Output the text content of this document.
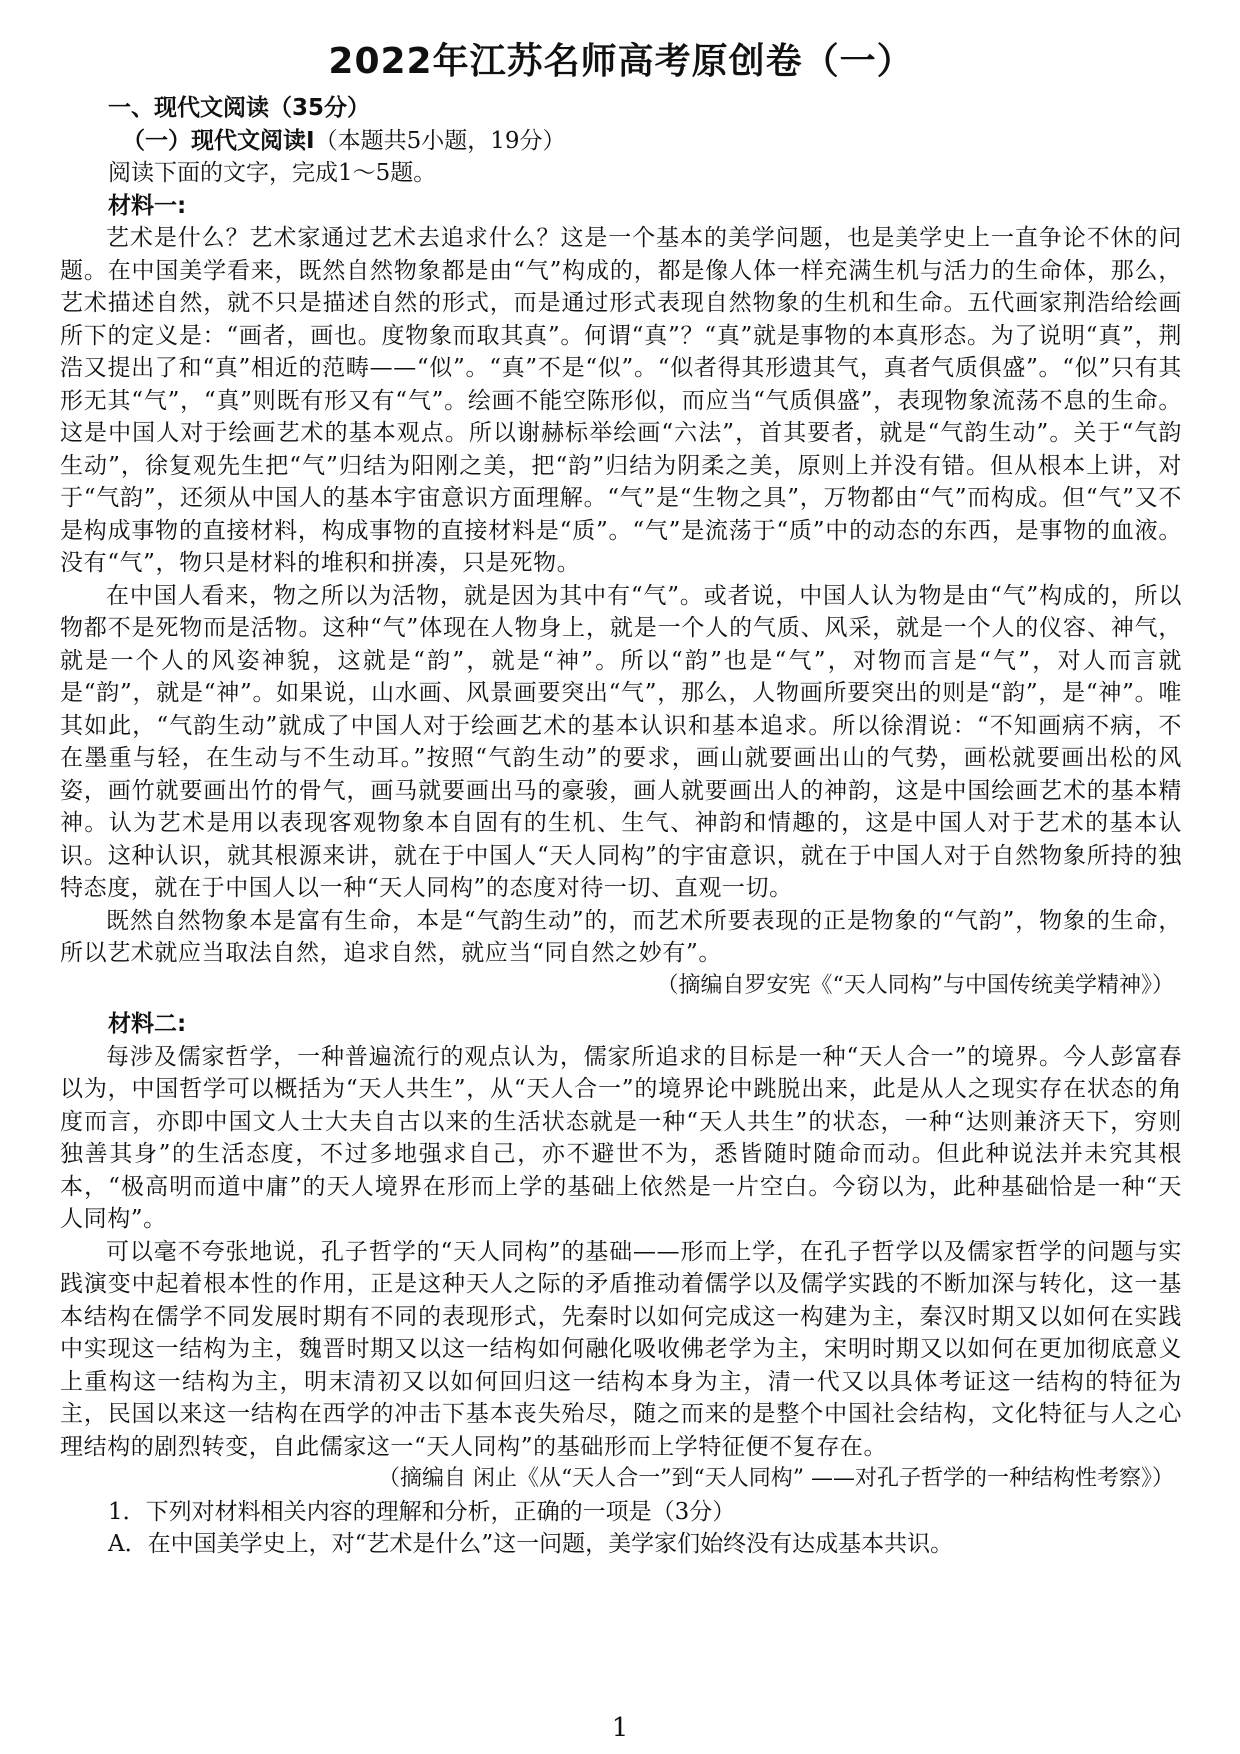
2022年江苏名师高考原创卷（一）
一、现代文阅读（35分）
（一）现代文阅读Ⅰ（本题共5小题，19分）
阅读下面的文字，完成1～5题。
材料一:

艺术是什么？艺术家通过艺术去追求什么？这是一个基本的美学问题，也是美学史上一直争论不休的问题。在中国美学看来，既然自然物象都是由“气”构成的，都是像人体一样充满生机与活力的生命体，那么，艺术描述自然，就不只是描述自然的形式，而是通过形式表现自然物象的生机和生命。五代画家荆浩给绘画所下的定义是：“画者，画也。度物象而取其真”。何谓“真”？“真”就是事物的本真形态。为了说明“真”，荆浩又提出了和“真”相近的范畴——“似”。“真”不是“似”。“似者得其形遗其气，真者气质俱盛”。“似”只有其形无其“气”，“真”则既有形又有“气”。绘画不能空陈形似，而应当“气质俱盛”，表现物象流荡不息的生命。这是中国人对于绘画艺术的基本观点。所以谢赫标举绘画“六法”，首其要者，就是“气韵生动”。关于“气韵生动”，徐复观先生把“气”归结为阳刚之美，把“韵”归结为阴柔之美，原则上并没有错。但从根本上讲，对于“气韵”，还须从中国人的基本宇宙意识方面理解。“气”是“生物之具”，万物都由“气”而构成。但“气”又不是构成事物的直接材料，构成事物的直接材料是“质”。“气”是流荡于“质”中的动态的东西，是事物的血液。没有“气”，物只是材料的堆积和拼凑，只是死物。

在中国人看来，物之所以为活物，就是因为其中有“气”。或者说，中国人认为物是由“气”构成的，所以物都不是死物而是活物。这种“气”体现在人物身上，就是一个人的气质、风采，就是一个人的仪容、神气，就是一个人的风姿神貌，这就是“韵”，就是“神”。所以“韵”也是“气”，对物而言是“气”，对人而言就是“韵”，就是“神”。如果说，山水画、风景画要突出“气”，那么，人物画所要突出的则是“韵”，是“神”。唯其如此，“气韵生动”就成了中国人对于绘画艺术的基本认识和基本追求。所以徐渭说：“不知画病不病，不在墨重与轻，在生动与不生动耳。”按照“气韵生动”的要求，画山就要画出山的气势，画松就要画出松的风姿，画竹就要画出竹的骨气，画马就要画出马的豪骏，画人就要画出人的神韵，这是中国绘画艺术的基本精神。认为艺术是用以表现客观物象本自固有的生机、生气、神韵和情趣的，这是中国人对于艺术的基本认识。这种认识，就其根源来讲，就在于中国人“天人同构”的宇宙意识，就在于中国人对于自然物象所持的独特态度，就在于中国人以一种“天人同构”的态度对待一切、直观一切。

既然自然物象本是富有生命，本是“气韵生动”的，而艺术所要表现的正是物象的“气韵”，物象的生命，所以艺术就应当取法自然，追求自然，就应当“同自然之妙有”。

（摘编自罗安宪《“天人同构”与中国传统美学精神》）

材料二:

每涉及儒家哲学，一种普遍流行的观点认为，儒家所追求的目标是一种“天人合一”的境界。今人彭富春以为，中国哲学可以概括为“天人共生”，从“天人合一”的境界论中跳脱出来，此是从人之现实存在状态的角度而言，亦即中国文人士大夫自古以来的生活状态就是一种“天人共生”的状态，一种“达则兼济天下，穷则独善其身”的生活态度，不过多地强求自己，亦不避世不为，悉皆随时随命而动。但此种说法并未究其根本，“极高明而道中庸”的天人境界在形而上学的基础上依然是一片空白。今窃以为，此种基础恰是一种“天人同构”。

可以毫不夸张地说，孔子哲学的“天人同构”的基础——形而上学，在孔子哲学以及儒家哲学的问题与实践演变中起着根本性的作用，正是这种天人之际的矛盾推动着儒学以及儒学实践的不断加深与转化，这一基本结构在儒学不同发展时期有不同的表现形式，先秦时以如何完成这一构建为主，秦汉时期又以如何在实践中实现这一结构为主，魏晋时期又以这一结构如何融化吸收佛老学为主，宋明时期又以如何在更加彻底意义上重构这一结构为主，明末清初又以如何回归这一结构本身为主，清一代又以具体考证这一结构的特征为主，民国以来这一结构在西学的冲击下基本丧失殆尽，随之而来的是整个中国社会结构，文化特征与人之心理结构的剧烈转变，自此儒家这一“天人同构”的基础形而上学特征便不复存在。

（摘编自 闲止《从“天人合一”到“天人同构” ——对孔子哲学的一种结构性考察》）

1．下列对材料相关内容的理解和分析，正确的一项是（3分）
A．在中国美学史上，对“艺术是什么”这一问题，美学家们始终没有达成基本共识。
1
